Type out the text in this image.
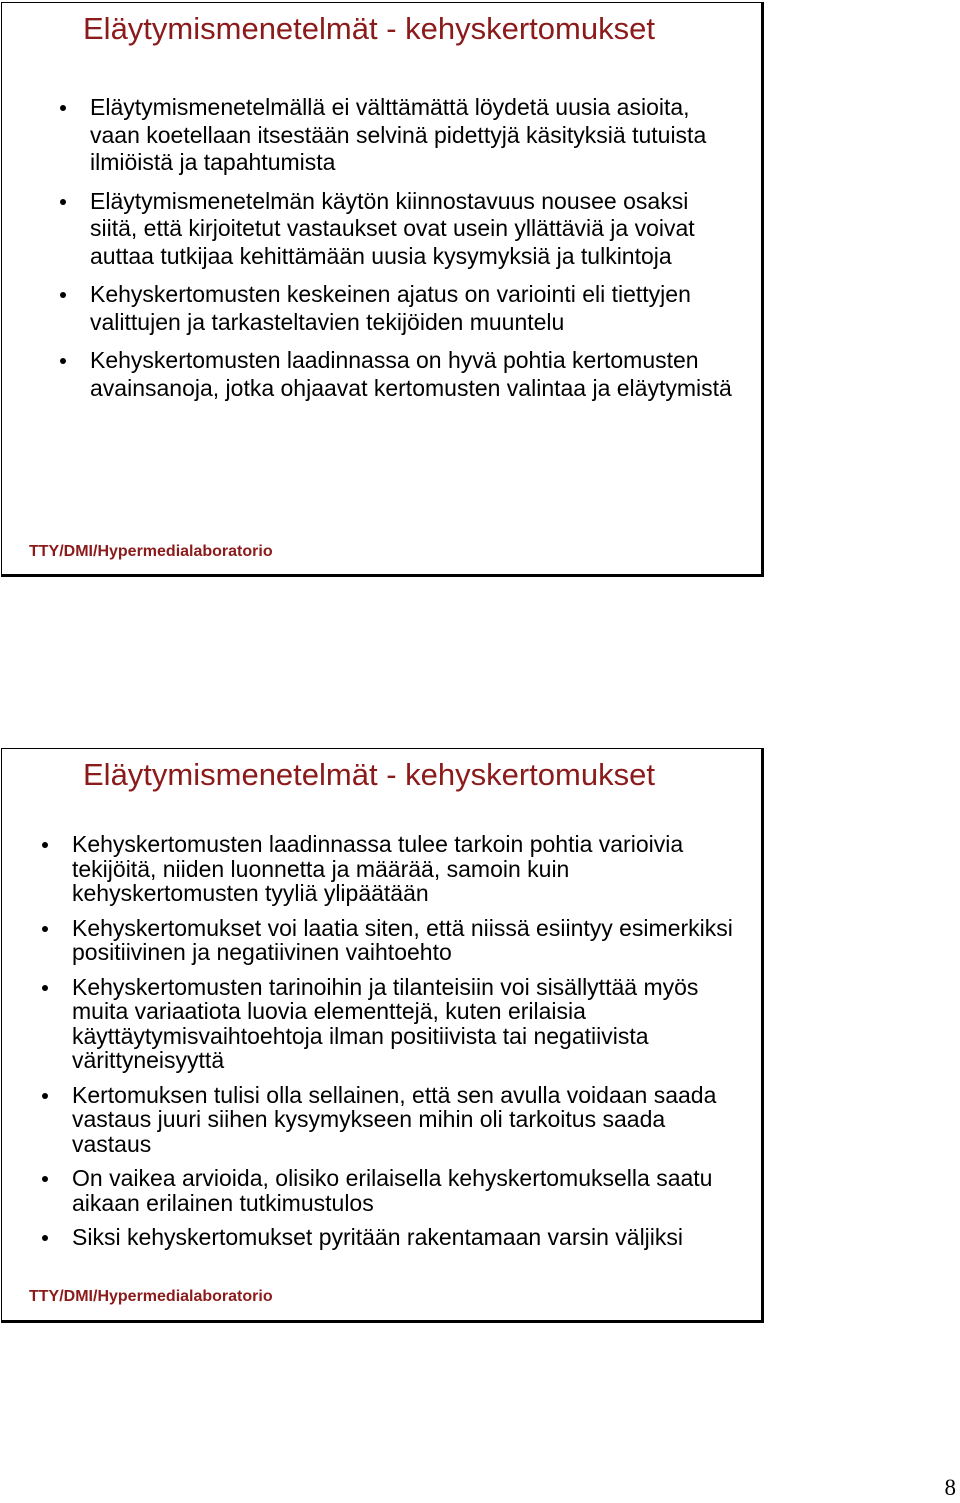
Eläytymismenetelmät - kehyskertomukset
Eläytymismenetelmällä ei välttämättä löydetä uusia asioita, vaan koetellaan itsestään selvinä pidettyjä käsityksiä tutuista ilmiöistä ja tapahtumista
Eläytymismenetelmän käytön kiinnostavuus nousee osaksi siitä, että kirjoitetut vastaukset ovat usein yllättäviä ja voivat auttaa tutkijaa kehittämään uusia kysymyksiä ja tulkintoja
Kehyskertomusten keskeinen ajatus on variointi eli tiettyjen valittujen ja tarkasteltavien tekijöiden muuntelu
Kehyskertomusten laadinnassa on hyvä pohtia kertomusten avainsanoja, jotka ohjaavat kertomusten valintaa ja eläytymistä
TTY/DMI/Hypermedialaboratorio
Eläytymismenetelmät - kehyskertomukset
Kehyskertomusten laadinnassa tulee tarkoin pohtia varioivia tekijöitä, niiden luonnetta ja määrää, samoin kuin kehyskertomusten tyyliä ylipäätään
Kehyskertomukset voi laatia siten, että niissä esiintyy esimerkiksi positiivinen ja negatiivinen vaihtoehto
Kehyskertomusten tarinoihin ja tilanteisiin voi sisällyttää myös muita variaatiota luovia elementtejä, kuten erilaisia käyttäytymisvaihtoehtoja ilman positiivista tai negatiivista värittyneisyyttä
Kertomuksen tulisi olla sellainen, että sen avulla voidaan saada vastaus juuri siihen kysymykseen mihin oli tarkoitus saada vastaus
On vaikea arvioida, olisiko erilaisella kehyskertomuksella saatu aikaan erilainen tutkimustulos
Siksi kehyskertomukset pyritään rakentamaan varsin väljiksi
TTY/DMI/Hypermedialaboratorio
8
